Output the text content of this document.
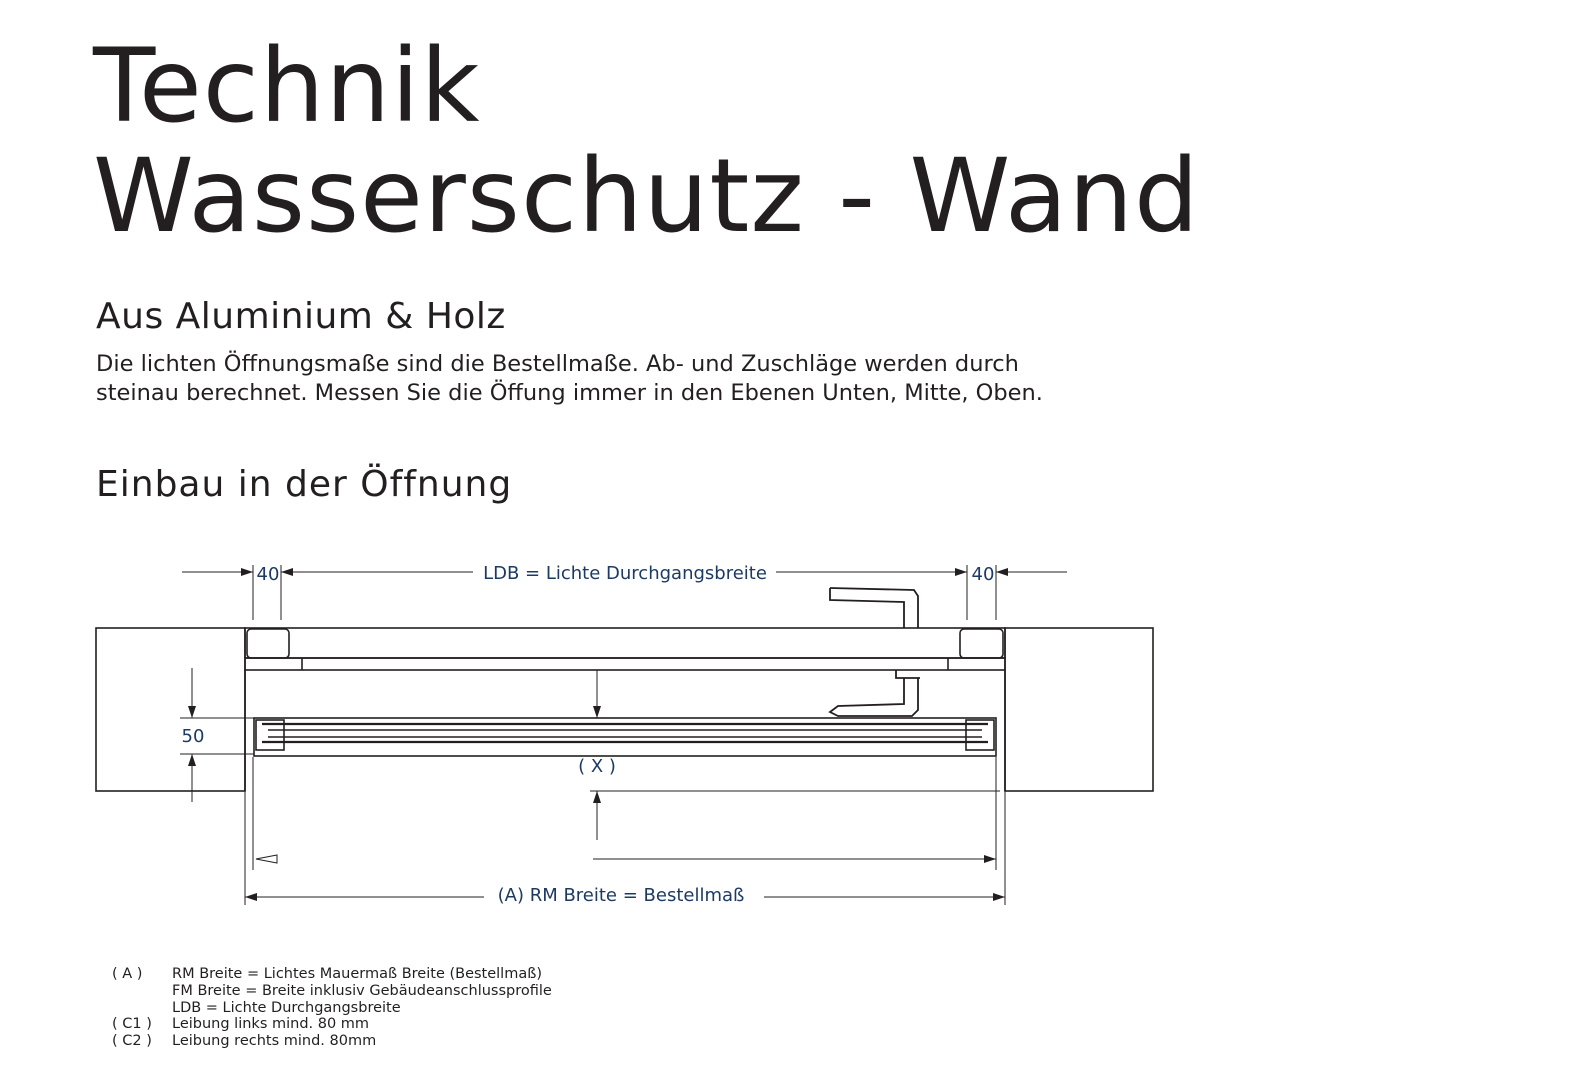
Technik
Wasserschutz - Wand
Aus Aluminium & Holz

Die lichten Öffnungsmaße sind die Bestellmaße. Ab- und Zuschläge werden durch steinau berechnet. Messen Sie die Öffung immer in den Ebenen Unten, Mitte, Oben.

Einbau in der Öffnung
40	40
LDB = Lichte Durchgangsbreite
50
( X )
(A) RM Breite = Bestellmaß
( A )	RM Breite = Lichtes Mauermaß Breite (Bestellmaß)
FM Breite = Breite inklusiv Gebäudeanschlussprofile
LDB = Lichte Durchgangsbreite
( C1 )	Leibung links mind. 80 mm
( C2 )	Leibung rechts mind. 80mm
